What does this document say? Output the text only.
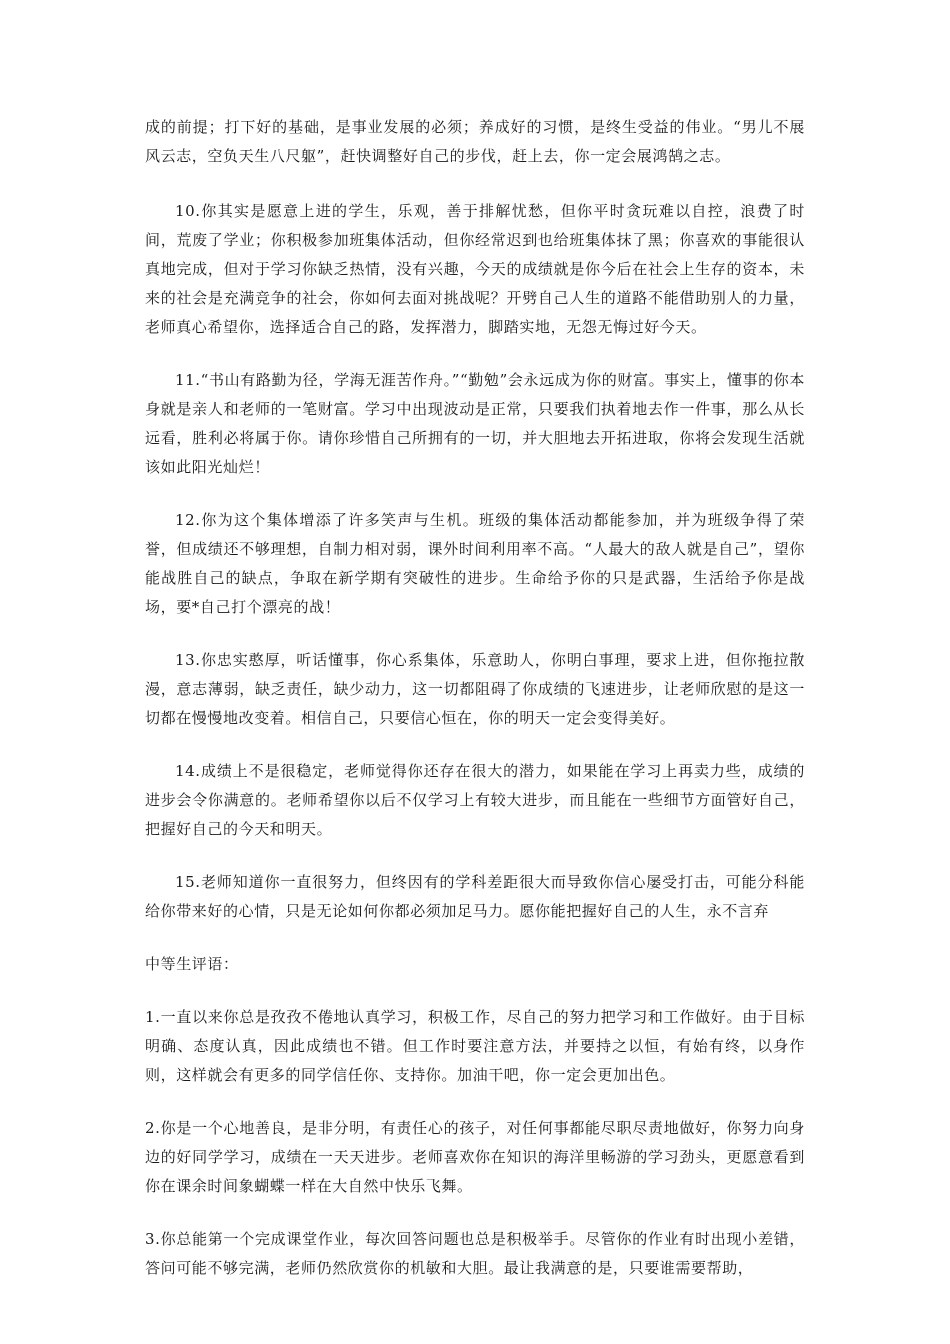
成的前提；打下好的基础，是事业发展的必须；养成好的习惯，是终生受益的伟业。“男儿不展风云志，空负天生八尺躯”，赶快调整好自己的步伐，赶上去，你一定会展鸿鹄之志。

10.你其实是愿意上进的学生，乐观，善于排解忧愁，但你平时贪玩难以自控，浪费了时间，荒废了学业；你积极参加班集体活动，但你经常迟到也给班集体抹了黑；你喜欢的事能很认真地完成，但对于学习你缺乏热情，没有兴趣，今天的成绩就是你今后在社会上生存的资本，未来的社会是充满竞争的社会，你如何去面对挑战呢？开劈自己人生的道路不能借助别人的力量，老师真心希望你，选择适合自己的路，发挥潜力，脚踏实地，无怨无悔过好今天。

11.“书山有路勤为径，学海无涯苦作舟。”“勤勉”会永远成为你的财富。事实上，懂事的你本身就是亲人和老师的一笔财富。学习中出现波动是正常，只要我们执着地去作一件事，那么从长远看，胜利必将属于你。请你珍惜自己所拥有的一切，并大胆地去开拓进取，你将会发现生活就该如此阳光灿烂！

12.你为这个集体增添了许多笑声与生机。班级的集体活动都能参加，并为班级争得了荣誉，但成绩还不够理想，自制力相对弱，课外时间利用率不高。“人最大的敌人就是自己”，望你能战胜自己的缺点，争取在新学期有突破性的进步。生命给予你的只是武器，生活给予你是战场，要*自己打个漂亮的战！

13.你忠实憨厚，听话懂事，你心系集体，乐意助人，你明白事理，要求上进，但你拖拉散漫，意志薄弱，缺乏责任，缺少动力，这一切都阻碍了你成绩的飞速进步，让老师欣慰的是这一切都在慢慢地改变着。相信自己，只要信心恒在，你的明天一定会变得美好。

14.成绩上不是很稳定，老师觉得你还存在很大的潜力，如果能在学习上再卖力些，成绩的进步会令你满意的。老师希望你以后不仅学习上有较大进步，而且能在一些细节方面管好自己，把握好自己的今天和明天。

15.老师知道你一直很努力，但终因有的学科差距很大而导致你信心屡受打击，可能分科能给你带来好的心情，只是无论如何你都必须加足马力。愿你能把握好自己的人生，永不言弃

中等生评语：

1.一直以来你总是孜孜不倦地认真学习，积极工作，尽自己的努力把学习和工作做好。由于目标明确、态度认真，因此成绩也不错。但工作时要注意方法，并要持之以恒，有始有终，以身作则，这样就会有更多的同学信任你、支持你。加油干吧，你一定会更加出色。

2.你是一个心地善良，是非分明，有责任心的孩子，对任何事都能尽职尽责地做好，你努力向身边的好同学学习，成绩在一天天进步。老师喜欢你在知识的海洋里畅游的学习劲头，更愿意看到你在课余时间象蝴蝶一样在大自然中快乐飞舞。

3.你总能第一个完成课堂作业，每次回答问题也总是积极举手。尽管你的作业有时出现小差错，答问可能不够完满，老师仍然欣赏你的机敏和大胆。最让我满意的是，只要谁需要帮助，
